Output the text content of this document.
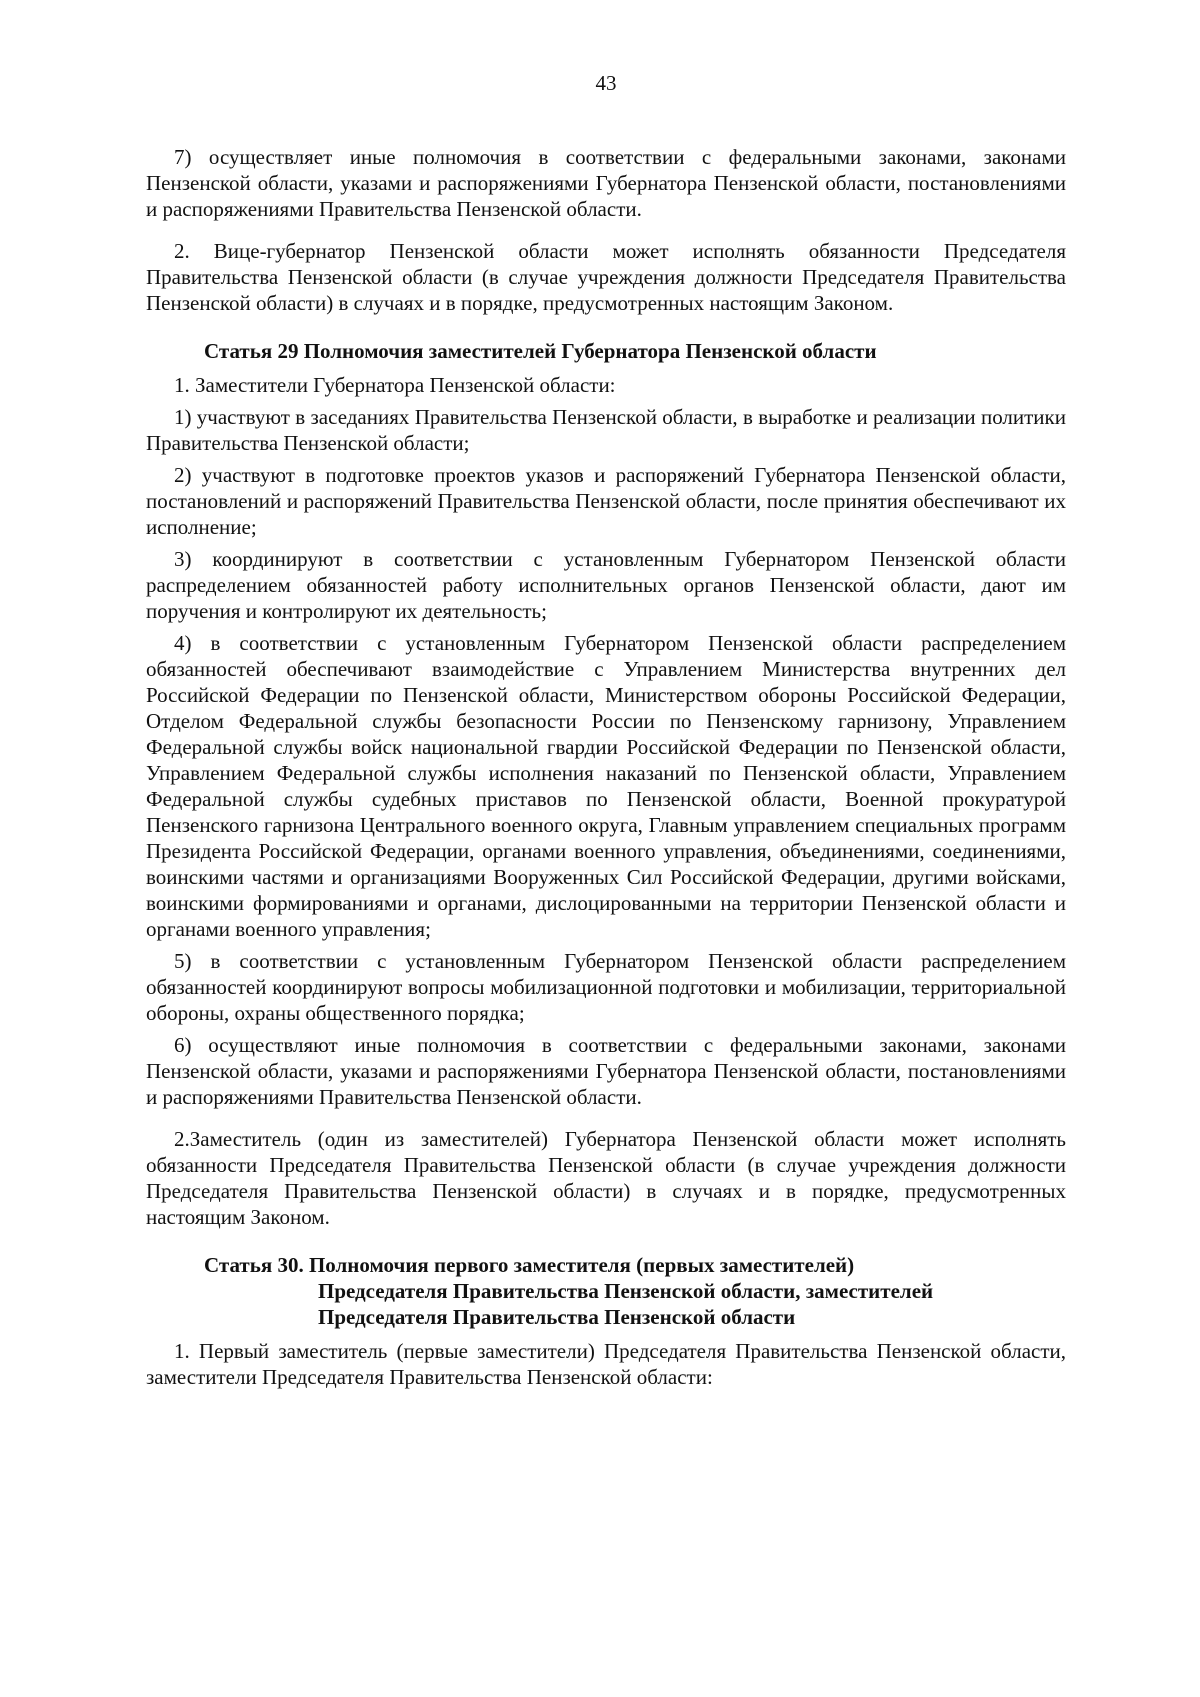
43

7) осуществляет иные полномочия в соответствии с федеральными законами, законами Пензенской области, указами и распоряжениями Губернатора Пензенской области, постановлениями и распоряжениями Правительства Пензенской области.

2. Вице-губернатор Пензенской области может исполнять обязанности Председателя Правительства Пензенской области (в случае учреждения должности Председателя Правительства Пензенской области) в случаях и в порядке, предусмотренных настоящим Законом.

Статья 29 Полномочия заместителей Губернатора Пензенской области

1. Заместители Губернатора Пензенской области:

1) участвуют в заседаниях Правительства Пензенской области, в выработке и реализации политики Правительства Пензенской области;

2) участвуют в подготовке проектов указов и распоряжений Губернатора Пензенской области, постановлений и распоряжений Правительства Пензенской области, после принятия обеспечивают их исполнение;

3) координируют в соответствии с установленным Губернатором Пензенской области распределением обязанностей работу исполнительных органов Пензенской области, дают им поручения и контролируют их деятельность;

4) в соответствии с установленным Губернатором Пензенской области распределением обязанностей обеспечивают взаимодействие с Управлением Министерства внутренних дел Российской Федерации по Пензенской области, Министерством обороны Российской Федерации, Отделом Федеральной службы безопасности России по Пензенскому гарнизону, Управлением Федеральной службы войск национальной гвардии Российской Федерации по Пензенской области, Управлением Федеральной службы исполнения наказаний по Пензенской области, Управлением Федеральной службы судебных приставов по Пензенской области, Военной прокуратурой Пензенского гарнизона Центрального военного округа, Главным управлением специальных программ Президента Российской Федерации, органами военного управления, объединениями, соединениями, воинскими частями и организациями Вооруженных Сил Российской Федерации, другими войсками, воинскими формированиями и органами, дислоцированными на территории Пензенской области и органами военного управления;

5) в соответствии с установленным Губернатором Пензенской области распределением обязанностей координируют вопросы мобилизационной подготовки и мобилизации, территориальной обороны, охраны общественного порядка;

6) осуществляют иные полномочия в соответствии с федеральными законами, законами Пензенской области, указами и распоряжениями Губернатора Пензенской области, постановлениями и распоряжениями Правительства Пензенской области.

2.Заместитель (один из заместителей) Губернатора Пензенской области может исполнять обязанности Председателя Правительства Пензенской области (в случае учреждения должности Председателя Правительства Пензенской области) в случаях и в порядке, предусмотренных настоящим Законом.

Статья 30. Полномочия первого заместителя (первых заместителей)
Председателя Правительства Пензенской области, заместителей
Председателя Правительства Пензенской области

1. Первый заместитель (первые заместители) Председателя Правительства Пензенской области, заместители Председателя Правительства Пензенской области:
